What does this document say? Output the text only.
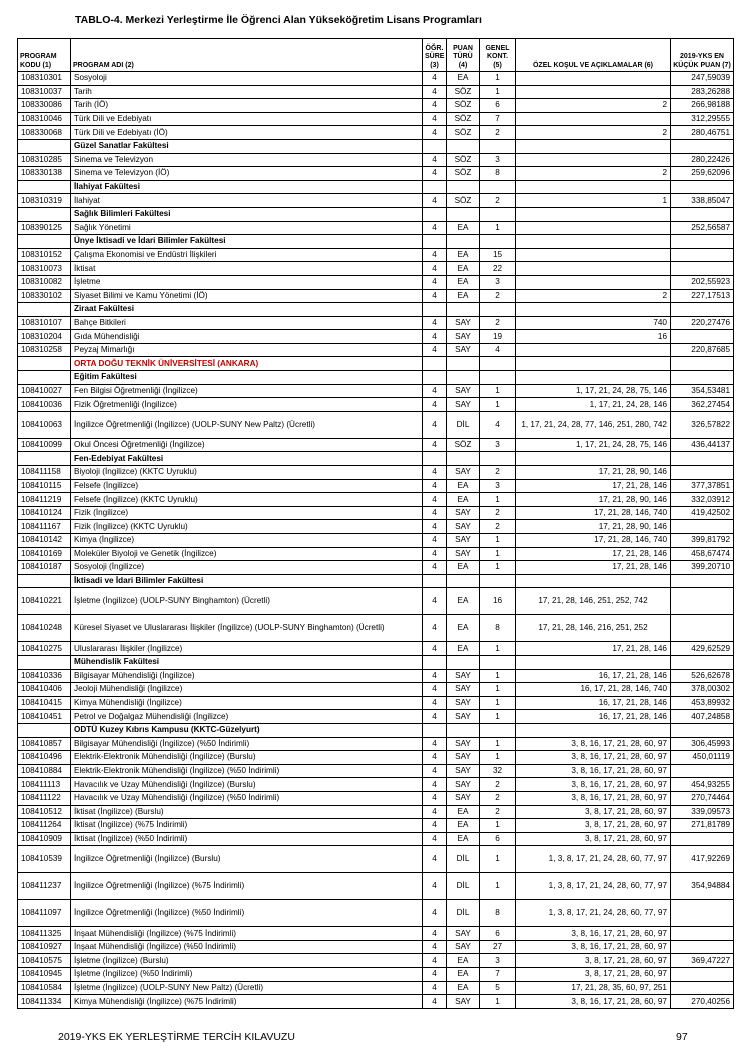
TABLO-4. Merkezi Yerleştirme İle Öğrenci Alan Yükseköğretim Lisans Programları
PROGRAM KODU (1)	PROGRAM ADI (2)	ÖĞR. SÜRE (3)	PUAN TÜRÜ (4)	GENEL KONT. (5)	ÖZEL KOŞUL VE AÇIKLAMALAR (6)	2019-YKS EN KÜÇÜK PUAN (7)
108310301	Sosyoloji	4	EA	1		247,59039
108310037	Tarih	4	SÖZ	1		283,26288
108330086	Tarih (İÖ)	4	SÖZ	6	2	266,98188
108310046	Türk Dili ve Edebiyatı	4	SÖZ	7		312,29555
108330068	Türk Dili ve Edebiyatı (İÖ)	4	SÖZ	2	2	280,46751
	Güzel Sanatlar Fakültesi					
108310285	Sinema ve Televizyon	4	SÖZ	3		280,22426
108330138	Sinema ve Televizyon (İÖ)	4	SÖZ	8	2	259,62096
	İlahiyat Fakültesi					
108310319	İlahiyat	4	SÖZ	2	1	338,85047
	Sağlık Bilimleri Fakültesi					
108390125	Sağlık Yönetimi	4	EA	1		252,56587
	Ünye İktisadi ve İdari Bilimler Fakültesi					
108310152	Çalışma Ekonomisi ve Endüstri İlişkileri	4	EA	15		
108310073	İktisat	4	EA	22		
108310082	İşletme	4	EA	3		202,55923
108330102	Siyaset Bilimi ve Kamu Yönetimi (İÖ)	4	EA	2	2	227,17513
	Ziraat Fakültesi					
108310107	Bahçe Bitkileri	4	SAY	2	740	220,27476
108310204	Gıda Mühendisliği	4	SAY	19	16	
108310258	Peyzaj Mimarlığı	4	SAY	4		220,87685
	ORTA DOĞU TEKNİK ÜNİVERSİTESİ (ANKARA)					
	Eğitim Fakültesi					
108410027	Fen Bilgisi Öğretmenliği (İngilizce)	4	SAY	1	1, 17, 21, 24, 28, 75, 146	354,53481
108410036	Fizik Öğretmenliği (İngilizce)	4	SAY	1	1, 17, 21, 24, 28, 146	362,27454
108410063	İngilizce Öğretmenliği (İngilizce) (UOLP-SUNY New Paltz) (Ücretli)	4	DİL	4	1, 17, 21, 24, 28, 77, 146, 251, 280, 742	326,57822
108410099	Okul Öncesi Öğretmenliği (İngilizce)	4	SÖZ	3	1, 17, 21, 24, 28, 75, 146	436,44137
	Fen-Edebiyat Fakültesi					
108411158	Biyoloji (İngilizce) (KKTC Uyruklu)	4	SAY	2	17, 21, 28, 90, 146	
108410115	Felsefe (İngilizce)	4	EA	3	17, 21, 28, 146	377,37851
108411219	Felsefe (İngilizce) (KKTC Uyruklu)	4	EA	1	17, 21, 28, 90, 146	332,03912
108410124	Fizik (İngilizce)	4	SAY	2	17, 21, 28, 146, 740	419,42502
108411167	Fizik (İngilizce) (KKTC Uyruklu)	4	SAY	2	17, 21, 28, 90, 146	
108410142	Kimya (İngilizce)	4	SAY	1	17, 21, 28, 146, 740	399,81792
108410169	Moleküler Biyoloji ve Genetik (İngilizce)	4	SAY	1	17, 21, 28, 146	458,67474
108410187	Sosyoloji (İngilizce)	4	EA	1	17, 21, 28, 146	399,20710
	İktisadi ve İdari Bilimler Fakültesi					
108410221	İşletme (İngilizce) (UOLP-SUNY Binghamton) (Ücretli)	4	EA	16	17, 21, 28, 146, 251, 252, 742	
108410248	Küresel Siyaset ve Uluslararası İlişkiler (İngilizce) (UOLP-SUNY Binghamton) (Ücretli)	4	EA	8	17, 21, 28, 146, 216, 251, 252	
108410275	Uluslararası İlişkiler (İngilizce)	4	EA	1	17, 21, 28, 146	429,62529
	Mühendislik Fakültesi					
108410336	Bilgisayar Mühendisliği (İngilizce)	4	SAY	1	16, 17, 21, 28, 146	526,62678
108410406	Jeoloji Mühendisliği (İngilizce)	4	SAY	1	16, 17, 21, 28, 146, 740	378,00302
108410415	Kimya Mühendisliği (İngilizce)	4	SAY	1	16, 17, 21, 28, 146	453,89932
108410451	Petrol ve Doğalgaz Mühendisliği (İngilizce)	4	SAY	1	16, 17, 21, 28, 146	407,24858
	ODTÜ Kuzey Kıbrıs Kampusu (KKTC-Güzelyurt)					
108410857	Bilgisayar Mühendisliği (İngilizce) (%50 İndirimli)	4	SAY	1	3, 8, 16, 17, 21, 28, 60, 97	306,45993
108410496	Elektrik-Elektronik Mühendisliği (İngilizce) (Burslu)	4	SAY	1	3, 8, 16, 17, 21, 28, 60, 97	450,01119
108410884	Elektrik-Elektronik Mühendisliği (İngilizce) (%50 İndirimli)	4	SAY	32	3, 8, 16, 17, 21, 28, 60, 97	
108411113	Havacılık ve Uzay Mühendisliği (İngilizce) (Burslu)	4	SAY	2	3, 8, 16, 17, 21, 28, 60, 97	454,93255
108411122	Havacılık ve Uzay Mühendisliği (İngilizce) (%50 İndirimli)	4	SAY	2	3, 8, 16, 17, 21, 28, 60, 97	270,74464
108410512	İktisat (İngilizce) (Burslu)	4	EA	2	3, 8, 17, 21, 28, 60, 97	339,09573
108411264	İktisat (İngilizce) (%75 İndirimli)	4	EA	1	3, 8, 17, 21, 28, 60, 97	271,81789
108410909	İktisat (İngilizce) (%50 İndirimli)	4	EA	6	3, 8, 17, 21, 28, 60, 97	
108410539	İngilizce Öğretmenliği (İngilizce) (Burslu)	4	DİL	1	1, 3, 8, 17, 21, 24, 28, 60, 77, 97	417,92269
108411237	İngilizce Öğretmenliği (İngilizce) (%75 İndirimli)	4	DİL	1	1, 3, 8, 17, 21, 24, 28, 60, 77, 97	354,94884
108411097	İngilizce Öğretmenliği (İngilizce) (%50 İndirimli)	4	DİL	8	1, 3, 8, 17, 21, 24, 28, 60, 77, 97	
108411325	İnşaat Mühendisliği (İngilizce) (%75 İndirimli)	4	SAY	6	3, 8, 16, 17, 21, 28, 60, 97	
108410927	İnşaat Mühendisliği (İngilizce) (%50 İndirimli)	4	SAY	27	3, 8, 16, 17, 21, 28, 60, 97	
108410575	İşletme (İngilizce) (Burslu)	4	EA	3	3, 8, 17, 21, 28, 60, 97	369,47227
108410945	İşletme (İngilizce) (%50 İndirimli)	4	EA	7	3, 8, 17, 21, 28, 60, 97	
108410584	İşletme (İngilizce) (UOLP-SUNY New Paltz) (Ücretli)	4	EA	5	17, 21, 28, 35, 60, 97, 251	
108411334	Kimya Mühendisliği (İngilizce) (%75 İndirimli)	4	SAY	1	3, 8, 16, 17, 21, 28, 60, 97	270,40256
2019-YKS EK YERLEŞTİRME TERCİH KILAVUZU	97
